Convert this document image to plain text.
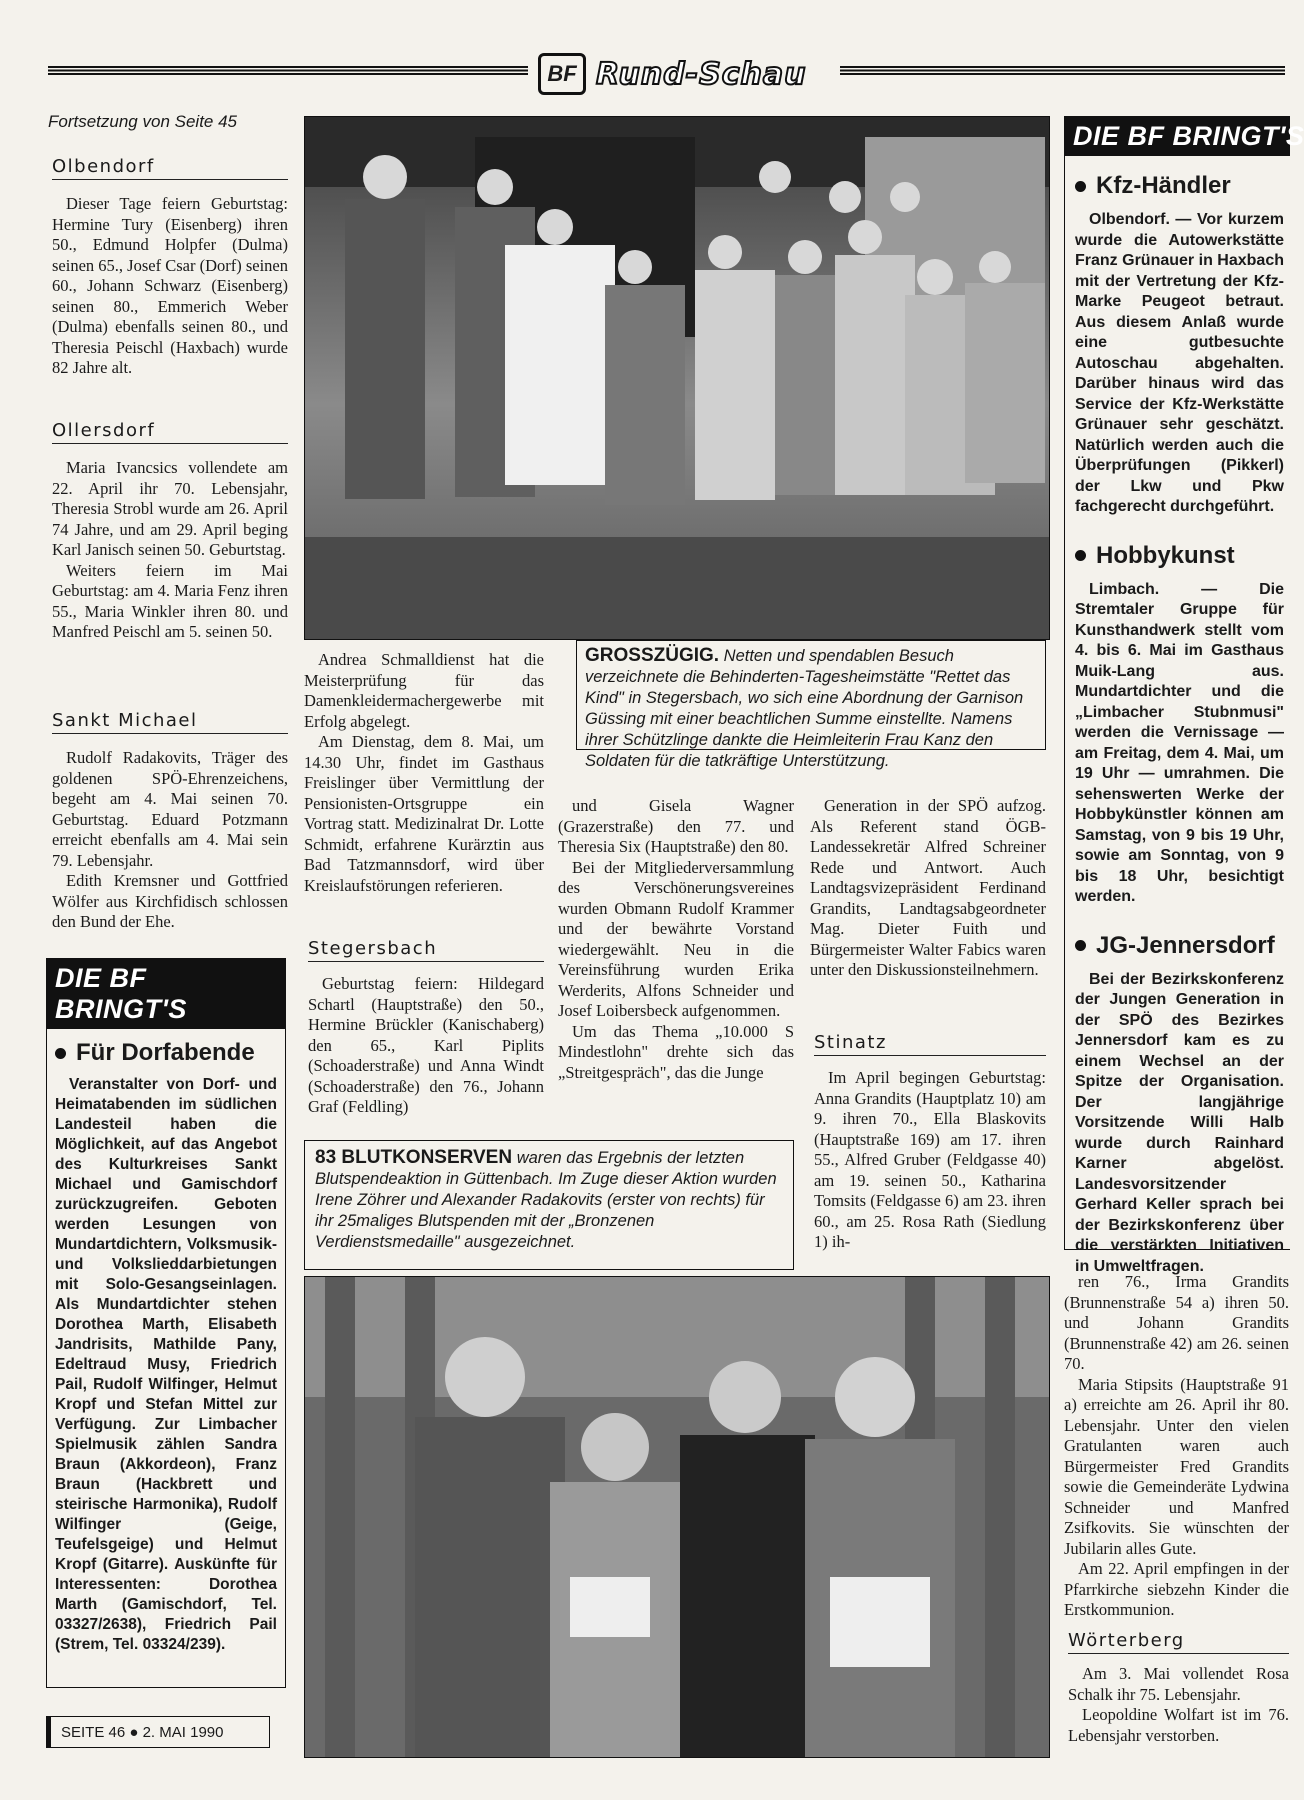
BF Rund-Schau
Fortsetzung von Seite 45
Olbendorf

Dieser Tage feiern Geburtstag: Hermine Tury (Eisenberg) ihren 50., Edmund Holpfer (Dulma) seinen 65., Josef Csar (Dorf) seinen 60., Johann Schwarz (Eisenberg) seinen 80., Emmerich Weber (Dulma) ebenfalls seinen 80., und Theresia Peischl (Haxbach) wurde 82 Jahre alt.

Ollersdorf

Maria Ivancsics vollendete am 22. April ihr 70. Lebensjahr, Theresia Strobl wurde am 26. April 74 Jahre, und am 29. April beging Karl Janisch seinen 50. Geburtstag.

Weiters feiern im Mai Geburtstag: am 4. Maria Fenz ihren 55., Maria Winkler ihren 80. und Manfred Peischl am 5. seinen 50.

Sankt Michael

Rudolf Radakovits, Träger des goldenen SPÖ-Ehrenzeichens, begeht am 4. Mai seinen 70. Geburtstag. Eduard Potzmann erreicht ebenfalls am 4. Mai sein 79. Lebensjahr.

Edith Kremsner und Gottfried Wölfer aus Kirchfidisch schlossen den Bund der Ehe.

DIE BF BRINGT'S
Für Dorfabende

Veranstalter von Dorf- und Heimatabenden im südlichen Landesteil haben die Möglichkeit, auf das Angebot des Kulturkreises Sankt Michael und Gamischdorf zurückzugreifen. Geboten werden Lesungen von Mundartdichtern, Volksmusik- und Volkslieddarbietungen mit Solo-Gesangseinlagen. Als Mundartdichter stehen Dorothea Marth, Elisabeth Jandrisits, Mathilde Pany, Edeltraud Musy, Friedrich Pail, Rudolf Wilfinger, Helmut Kropf und Stefan Mittel zur Verfügung. Zur Limbacher Spielmusik zählen Sandra Braun (Akkordeon), Franz Braun (Hackbrett und steirische Harmonika), Rudolf Wilfinger (Geige, Teufelsgeige) und Helmut Kropf (Gitarre). Auskünfte für Interessenten: Dorothea Marth (Gamischdorf, Tel. 03327/2638), Friedrich Pail (Strem, Tel. 03324/239).

SEITE 46 ● 2. MAI 1990
GROSSZÜGIG. Netten und spendablen Besuch verzeichnete die Behinderten-Tagesheimstätte "Rettet das Kind" in Stegersbach, wo sich eine Abordnung der Garnison Güssing mit einer beachtlichen Summe einstellte. Namens ihrer Schützlinge dankte die Heimleiterin Frau Kanz den Soldaten für die tatkräftige Unterstützung.

Andrea Schmalldienst hat die Meisterprüfung für das Damenkleidermachergewerbe mit Erfolg abgelegt.

Am Dienstag, dem 8. Mai, um 14.30 Uhr, findet im Gasthaus Freislinger über Vermittlung der Pensionisten-Ortsgruppe ein Vortrag statt. Medizinalrat Dr. Lotte Schmidt, erfahrene Kurärztin aus Bad Tatzmannsdorf, wird über Kreislaufstörungen referieren.

Stegersbach

Geburtstag feiern: Hildegard Schartl (Hauptstraße) den 50., Hermine Brückler (Kanischaberg) den 65., Karl Piplits (Schoaderstraße) und Anna Windt (Schoaderstraße) den 76., Johann Graf (Feldling)

und Gisela Wagner (Grazerstraße) den 77. und Theresia Six (Hauptstraße) den 80.

Bei der Mitgliederversammlung des Verschönerungsvereines wurden Obmann Rudolf Krammer und der bewährte Vorstand wiedergewählt. Neu in die Vereinsführung wurden Erika Werderits, Alfons Schneider und Josef Loibersbeck aufgenommen.

Um das Thema „10.000 S Mindestlohn" drehte sich das „Streitgespräch", das die Junge

Generation in der SPÖ aufzog. Als Referent stand ÖGB-Landessekretär Alfred Schreiner Rede und Antwort. Auch Landtagsvizepräsident Ferdinand Grandits, Landtagsabgeordneter Mag. Dieter Fuith und Bürgermeister Walter Fabics waren unter den Diskussionsteilnehmern.

Stinatz

Im April begingen Geburtstag: Anna Grandits (Hauptplatz 10) am 9. ihren 70., Ella Blaskovits (Hauptstraße 169) am 17. ihren 55., Alfred Gruber (Feldgasse 40) am 19. seinen 50., Katharina Tomsits (Feldgasse 6) am 23. ihren 60., am 25. Rosa Rath (Siedlung 1) ih-

83 BLUTKONSERVEN waren das Ergebnis der letzten Blutspendeaktion in Güttenbach. Im Zuge dieser Aktion wurden Irene Zöhrer und Alexander Radakovits (erster von rechts) für ihr 25maliges Blutspenden mit der „Bronzenen Verdienstsmedaille" ausgezeichnet.
DIE BF BRINGT'S
Kfz-Händler

Olbendorf. — Vor kurzem wurde die Autowerkstätte Franz Grünauer in Haxbach mit der Vertretung der Kfz-Marke Peugeot betraut. Aus diesem Anlaß wurde eine gutbesuchte Autoschau abgehalten. Darüber hinaus wird das Service der Kfz-Werkstätte Grünauer sehr geschätzt. Natürlich werden auch die Überprüfungen (Pikkerl) der Lkw und Pkw fachgerecht durchgeführt.

Hobbykunst

Limbach. — Die Stremtaler Gruppe für Kunsthandwerk stellt vom 4. bis 6. Mai im Gasthaus Muik-Lang aus. Mundartdichter und die „Limbacher Stubnmusi" werden die Vernissage — am Freitag, dem 4. Mai, um 19 Uhr — umrahmen. Die sehenswerten Werke der Hobbykünstler können am Samstag, von 9 bis 19 Uhr, sowie am Sonntag, von 9 bis 18 Uhr, besichtigt werden.

JG-Jennersdorf

Bei der Bezirkskonferenz der Jungen Generation in der SPÖ des Bezirkes Jennersdorf kam es zu einem Wechsel an der Spitze der Organisation. Der langjährige Vorsitzende Willi Halb wurde durch Rainhard Karner abgelöst. Landesvorsitzender Gerhard Keller sprach bei der Bezirkskonferenz über die verstärkten Initiativen in Umweltfragen.

ren 76., Irma Grandits (Brunnenstraße 54 a) ihren 50. und Johann Grandits (Brunnenstraße 42) am 26. seinen 70.

Maria Stipsits (Hauptstraße 91 a) erreichte am 26. April ihr 80. Lebensjahr. Unter den vielen Gratulanten waren auch Bürgermeister Fred Grandits sowie die Gemeinderäte Lydwina Schneider und Manfred Zsifkovits. Sie wünschten der Jubilarin alles Gute.

Am 22. April empfingen in der Pfarrkirche siebzehn Kinder die Erstkommunion.

Wörterberg

Am 3. Mai vollendet Rosa Schalk ihr 75. Lebensjahr.

Leopoldine Wolfart ist im 76. Lebensjahr verstorben.
